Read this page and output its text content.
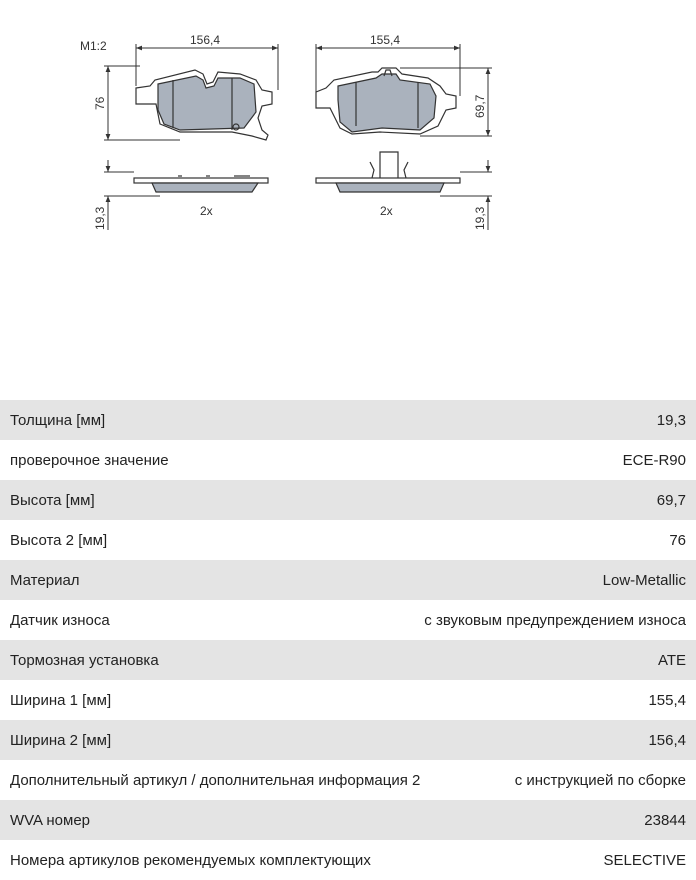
M1:2	156,4
76
19,3	2x
155,4
69,7
19,3
2x
Толщина [мм]	19,3
проверочное значение	ECE-R90
Высота [мм]	69,7
Высота 2 [мм]	76
Материал	Low-Metallic
Датчик износа	с звуковым предупреждением износа
Тормозная установка	ATE
Ширина 1 [мм]	155,4
Ширина 2 [мм]	156,4
Дополнительный артикул / дополнительная информация 2	с инструкцией по сборке
WVA номер	23844
Номера артикулов рекомендуемых комплектующих	SELECTIVE
